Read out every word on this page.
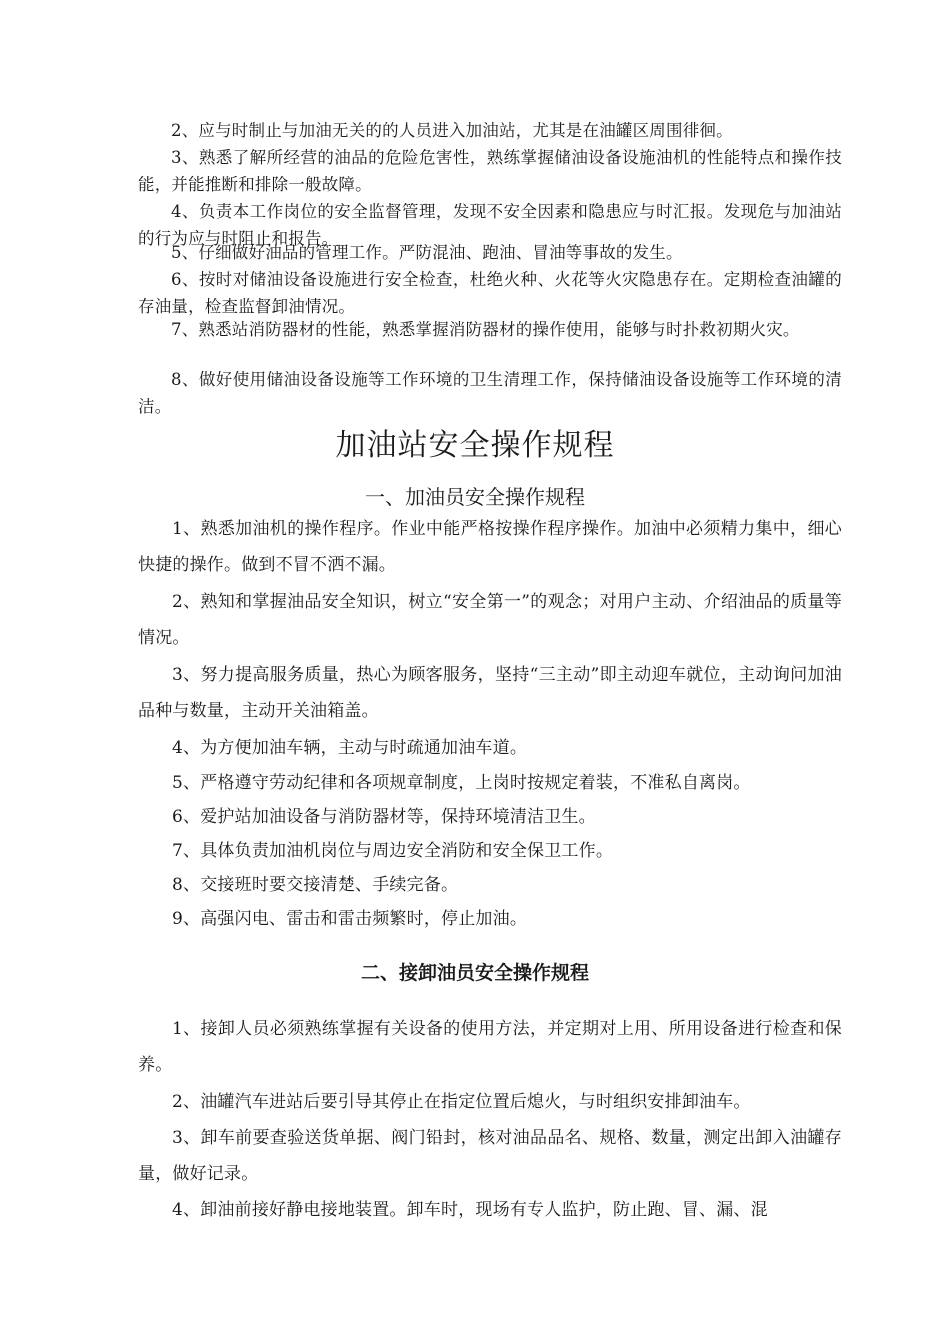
2、应与时制止与加油无关的的人员进入加油站，尤其是在油罐区周围徘徊。
3、熟悉了解所经营的油品的危险危害性，熟练掌握储油设备设施油机的性能特点和操作技能，并能推断和排除一般故障。
4、负责本工作岗位的安全监督管理，发现不安全因素和隐患应与时汇报。发现危与加油站的行为应与时阻止和报告。
5、仔细做好油品的管理工作。严防混油、跑油、冒油等事故的发生。
6、按时对储油设备设施进行安全检查，杜绝火种、火花等火灾隐患存在。定期检查油罐的存油量，检查监督卸油情况。
7、熟悉站消防器材的性能，熟悉掌握消防器材的操作使用，能够与时扑救初期火灾。
8、做好使用储油设备设施等工作环境的卫生清理工作，保持储油设备设施等工作环境的清洁。
加油站安全操作规程
一、加油员安全操作规程
1、熟悉加油机的操作程序。作业中能严格按操作程序操作。加油中必须精力集中，细心快捷的操作。做到不冒不洒不漏。
2、熟知和掌握油品安全知识，树立“安全第一”的观念；对用户主动、介绍油品的质量等情况。
3、努力提高服务质量，热心为顾客服务，坚持“三主动”即主动迎车就位，主动询问加油品种与数量，主动开关油箱盖。
4、为方便加油车辆，主动与时疏通加油车道。
5、严格遵守劳动纪律和各项规章制度，上岗时按规定着装，不准私自离岗。
6、爱护站加油设备与消防器材等，保持环境清洁卫生。
7、具体负责加油机岗位与周边安全消防和安全保卫工作。
8、交接班时要交接清楚、手续完备。
9、高强闪电、雷击和雷击频繁时，停止加油。
二、接卸油员安全操作规程
1、接卸人员必须熟练掌握有关设备的使用方法，并定期对上用、所用设备进行检查和保养。
2、油罐汽车进站后要引导其停止在指定位置后熄火，与时组织安排卸油车。
3、卸车前要查验送货单据、阀门铅封，核对油品品名、规格、数量，测定出卸入油罐存量，做好记录。
4、卸油前接好静电接地装置。卸车时，现场有专人监护，防止跑、冒、漏、混
